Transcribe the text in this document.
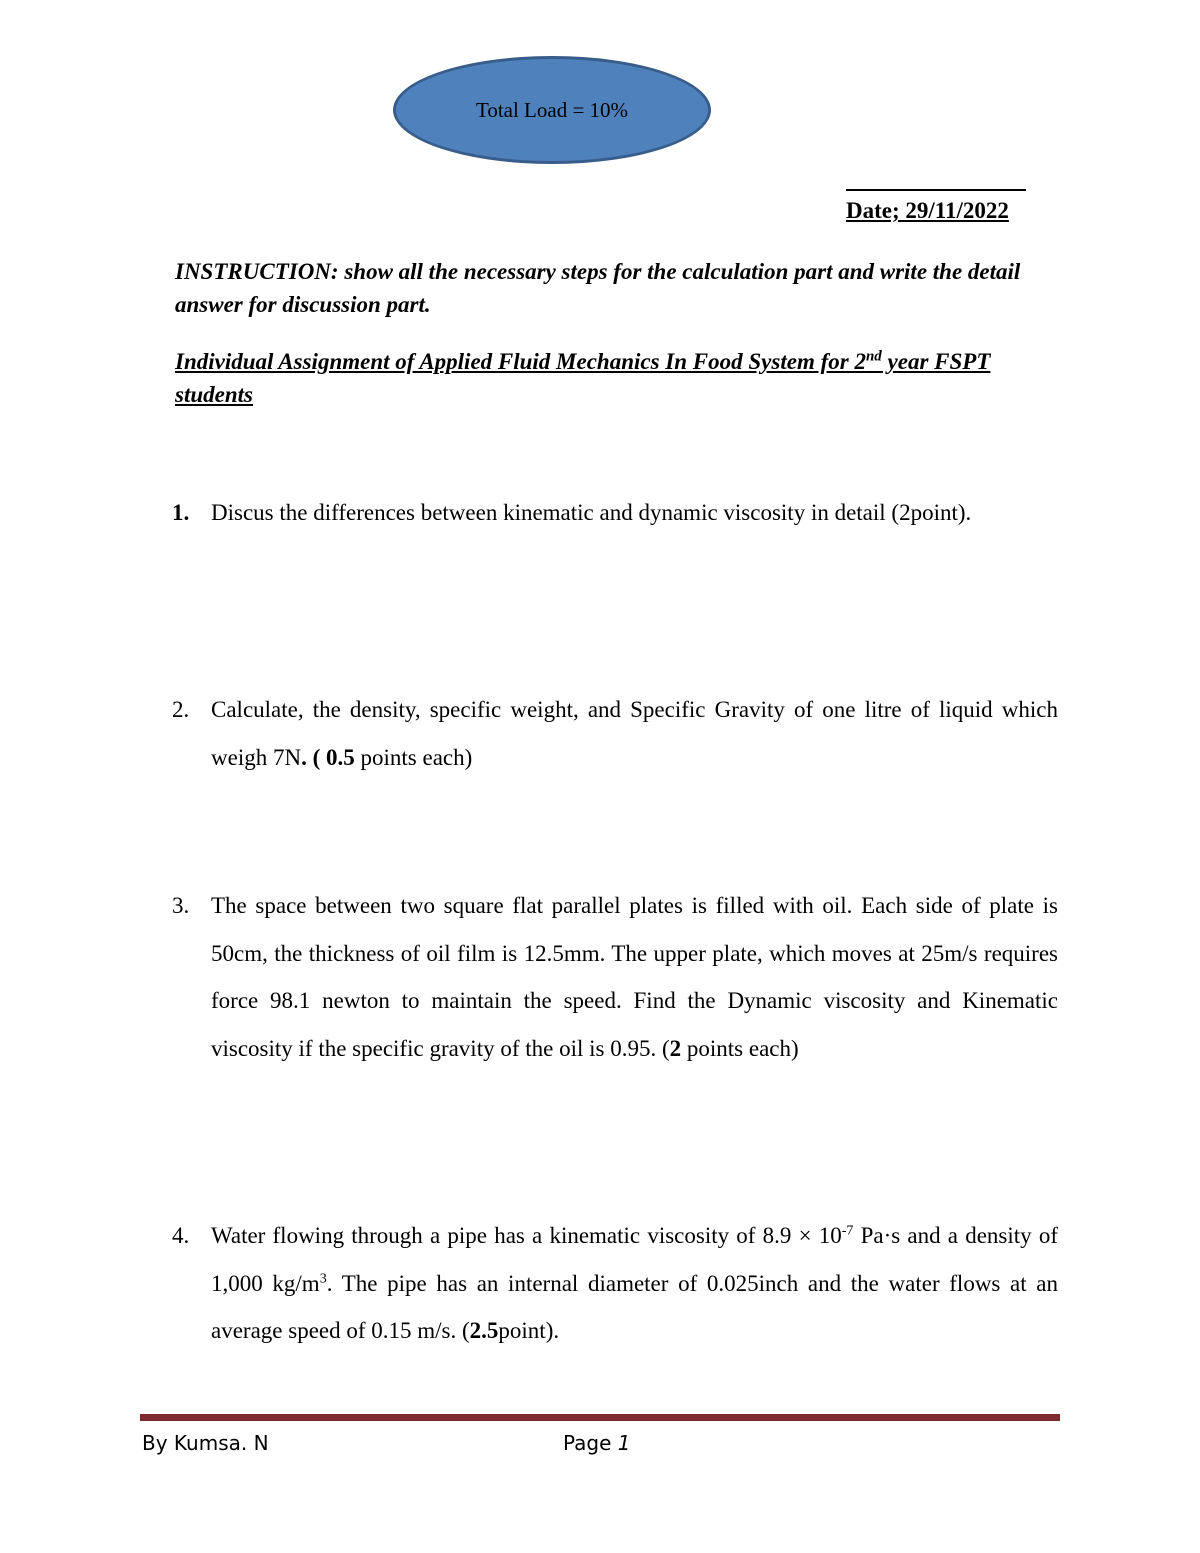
Total Load = 10%
Date; 29/11/2022
INSTRUCTION: show all the necessary steps for the calculation part and write the detail answer for discussion part.
Individual Assignment of Applied Fluid Mechanics In Food System for 2nd year FSPT students
1. Discus the differences between kinematic and dynamic viscosity in detail (2point).
2. Calculate, the density, specific weight, and Specific Gravity of one litre of liquid which weigh 7N. ( 0.5 points each)
3. The space between two square flat parallel plates is filled with oil. Each side of plate is 50cm, the thickness of oil film is 12.5mm. The upper plate, which moves at 25m/s requires force 98.1 newton to maintain the speed. Find the Dynamic viscosity and Kinematic viscosity if the specific gravity of the oil is 0.95. (2 points each)
4. Water flowing through a pipe has a kinematic viscosity of $8.9 \times 10^{-7}$ Pa·s and a density of 1,000 $kg/m^3$. The pipe has an internal diameter of 0.025inch and the water flows at an average speed of 0.15 m/s. (2.5point).
By Kumsa. N	Page 1
